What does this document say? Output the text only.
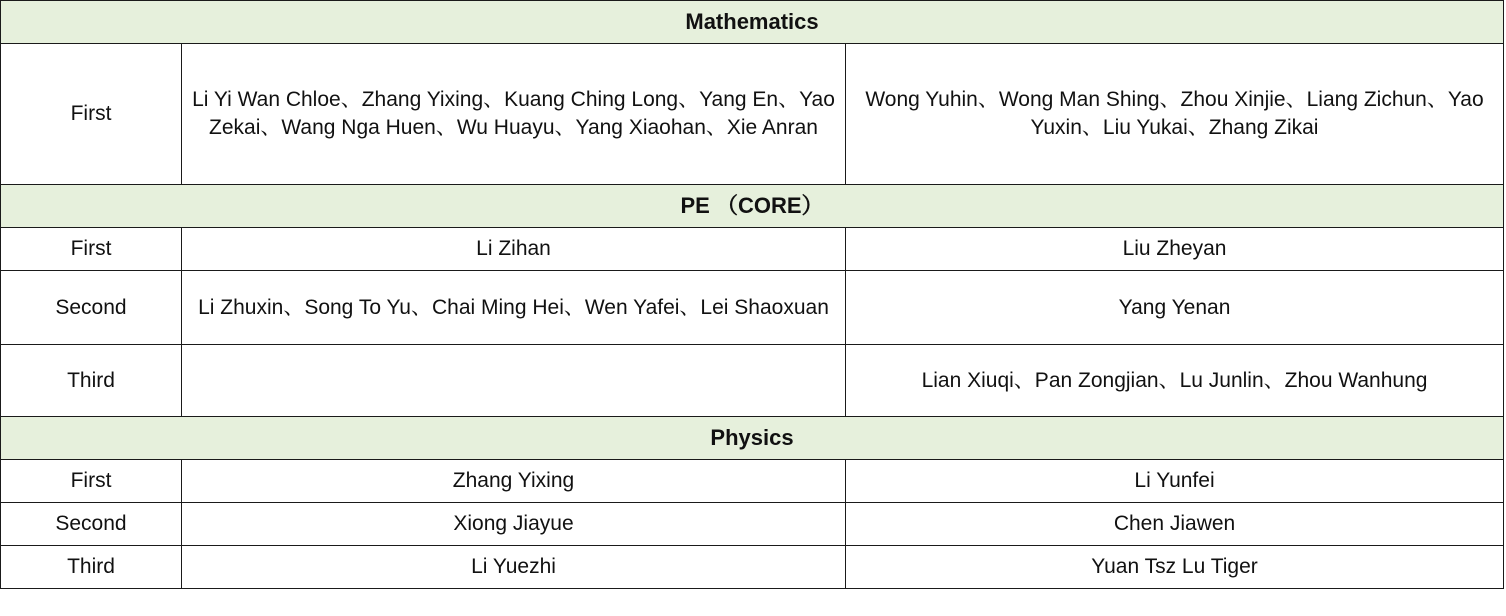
Mathematics		
First	Li Yi Wan Chloe、Zhang Yixing、Kuang Ching Long、Yang En、Yao Zekai、Wang Nga Huen、Wu Huayu、Yang Xiaohan、Xie Anran	Wong Yuhin、Wong Man Shing、Zhou Xinjie、Liang Zichun、Yao Yuxin、Liu Yukai、Zhang Zikai
PE （CORE）		
First	Li Zihan	Liu Zheyan
Second	Li Zhuxin、Song To Yu、Chai Ming Hei、Wen Yafei、Lei Shaoxuan	Yang Yenan
Third		Lian Xiuqi、Pan Zongjian、Lu Junlin、Zhou Wanhung
Physics		
First	Zhang Yixing	Li Yunfei
Second	Xiong Jiayue	Chen Jiawen
Third	Li Yuezhi	Yuan Tsz Lu Tiger
